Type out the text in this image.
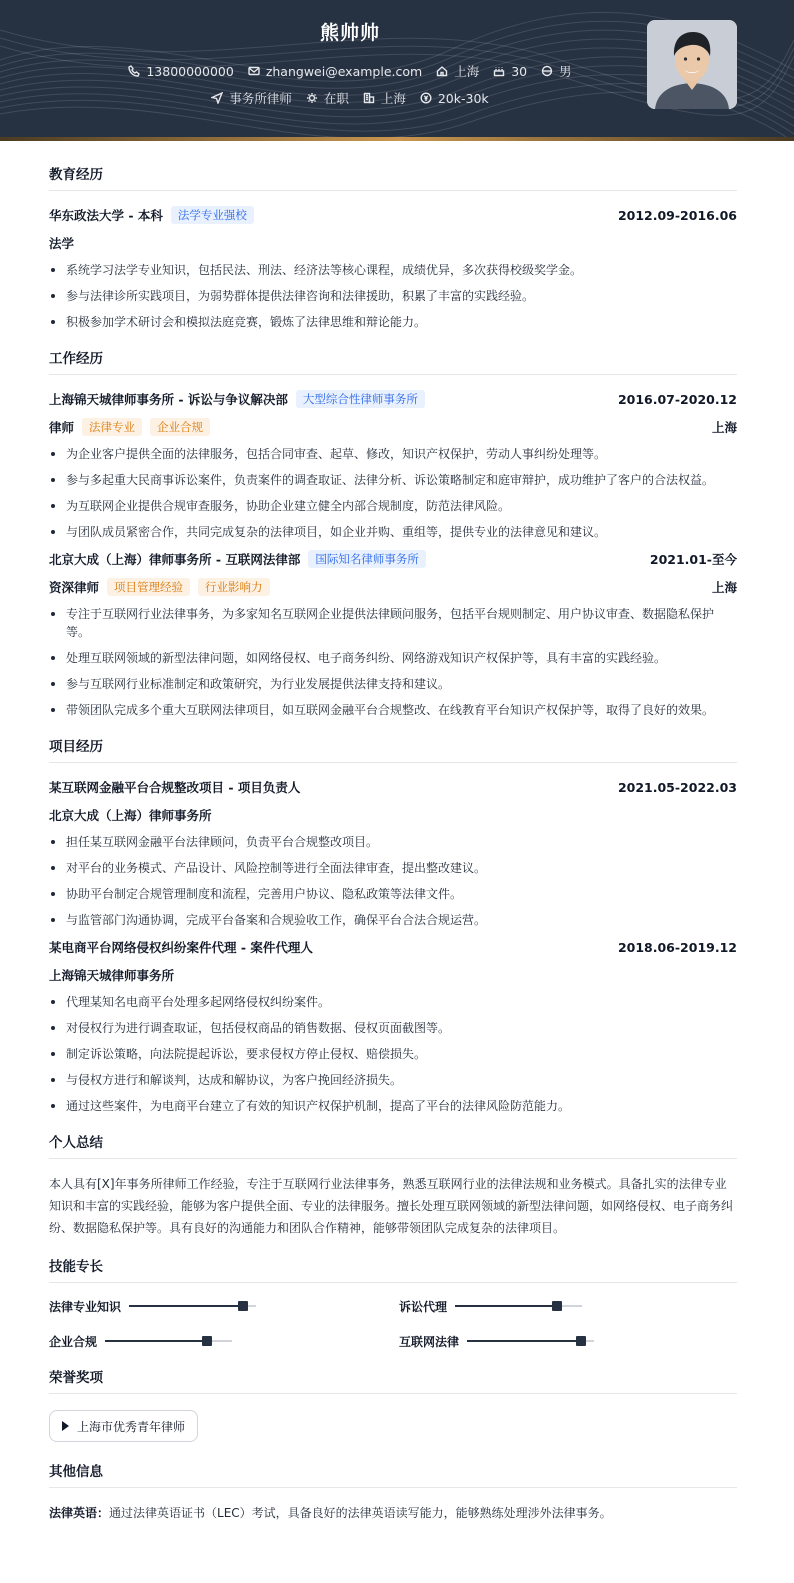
熊帅帅
13800000000	zhangwei@example.com	上海	30	男
事务所律师	在职	上海	20k-30k
教育经历
华东政法大学 - 本科	法学专业强校	2012.09-2016.06
法学
系统学习法学专业知识，包括民法、刑法、经济法等核心课程，成绩优异，多次获得校级奖学金。
参与法律诊所实践项目，为弱势群体提供法律咨询和法律援助，积累了丰富的实践经验。
积极参加学术研讨会和模拟法庭竞赛，锻炼了法律思维和辩论能力。
工作经历
上海锦天城律师事务所 - 诉讼与争议解决部	大型综合性律师事务所	2016.07-2020.12
律师	法律专业	企业合规	上海
为企业客户提供全面的法律服务，包括合同审查、起草、修改，知识产权保护，劳动人事纠纷处理等。
参与多起重大民商事诉讼案件，负责案件的调查取证、法律分析、诉讼策略制定和庭审辩护，成功维护了客户的合法权益。
为互联网企业提供合规审查服务，协助企业建立健全内部合规制度，防范法律风险。
与团队成员紧密合作，共同完成复杂的法律项目，如企业并购、重组等，提供专业的法律意见和建议。
北京大成（上海）律师事务所 - 互联网法律部	国际知名律师事务所	2021.01-至今
资深律师	项目管理经验	行业影响力	上海
专注于互联网行业法律事务，为多家知名互联网企业提供法律顾问服务，包括平台规则制定、用户协议审查、数据隐私保护等。
处理互联网领域的新型法律问题，如网络侵权、电子商务纠纷、网络游戏知识产权保护等，具有丰富的实践经验。
参与互联网行业标准制定和政策研究，为行业发展提供法律支持和建议。
带领团队完成多个重大互联网法律项目，如互联网金融平台合规整改、在线教育平台知识产权保护等，取得了良好的效果。
项目经历
某互联网金融平台合规整改项目 - 项目负责人	2021.05-2022.03
北京大成（上海）律师事务所
担任某互联网金融平台法律顾问，负责平台合规整改项目。
对平台的业务模式、产品设计、风险控制等进行全面法律审查，提出整改建议。
协助平台制定合规管理制度和流程，完善用户协议、隐私政策等法律文件。
与监管部门沟通协调，完成平台备案和合规验收工作，确保平台合法合规运营。
某电商平台网络侵权纠纷案件代理 - 案件代理人	2018.06-2019.12
上海锦天城律师事务所
代理某知名电商平台处理多起网络侵权纠纷案件。
对侵权行为进行调查取证，包括侵权商品的销售数据、侵权页面截图等。
制定诉讼策略，向法院提起诉讼，要求侵权方停止侵权、赔偿损失。
与侵权方进行和解谈判，达成和解协议，为客户挽回经济损失。
通过这些案件，为电商平台建立了有效的知识产权保护机制，提高了平台的法律风险防范能力。
个人总结
本人具有[X]年事务所律师工作经验，专注于互联网行业法律事务，熟悉互联网行业的法律法规和业务模式。具备扎实的法律专业知识和丰富的实践经验，能够为客户提供全面、专业的法律服务。擅长处理互联网领域的新型法律问题，如网络侵权、电子商务纠纷、数据隐私保护等。具有良好的沟通能力和团队合作精神，能够带领团队完成复杂的法律项目。
技能专长
法律专业知识	诉讼代理
企业合规	互联网法律
荣誉奖项
上海市优秀青年律师
其他信息
法律英语：通过法律英语证书（LEC）考试，具备良好的法律英语读写能力，能够熟练处理涉外法律事务。
